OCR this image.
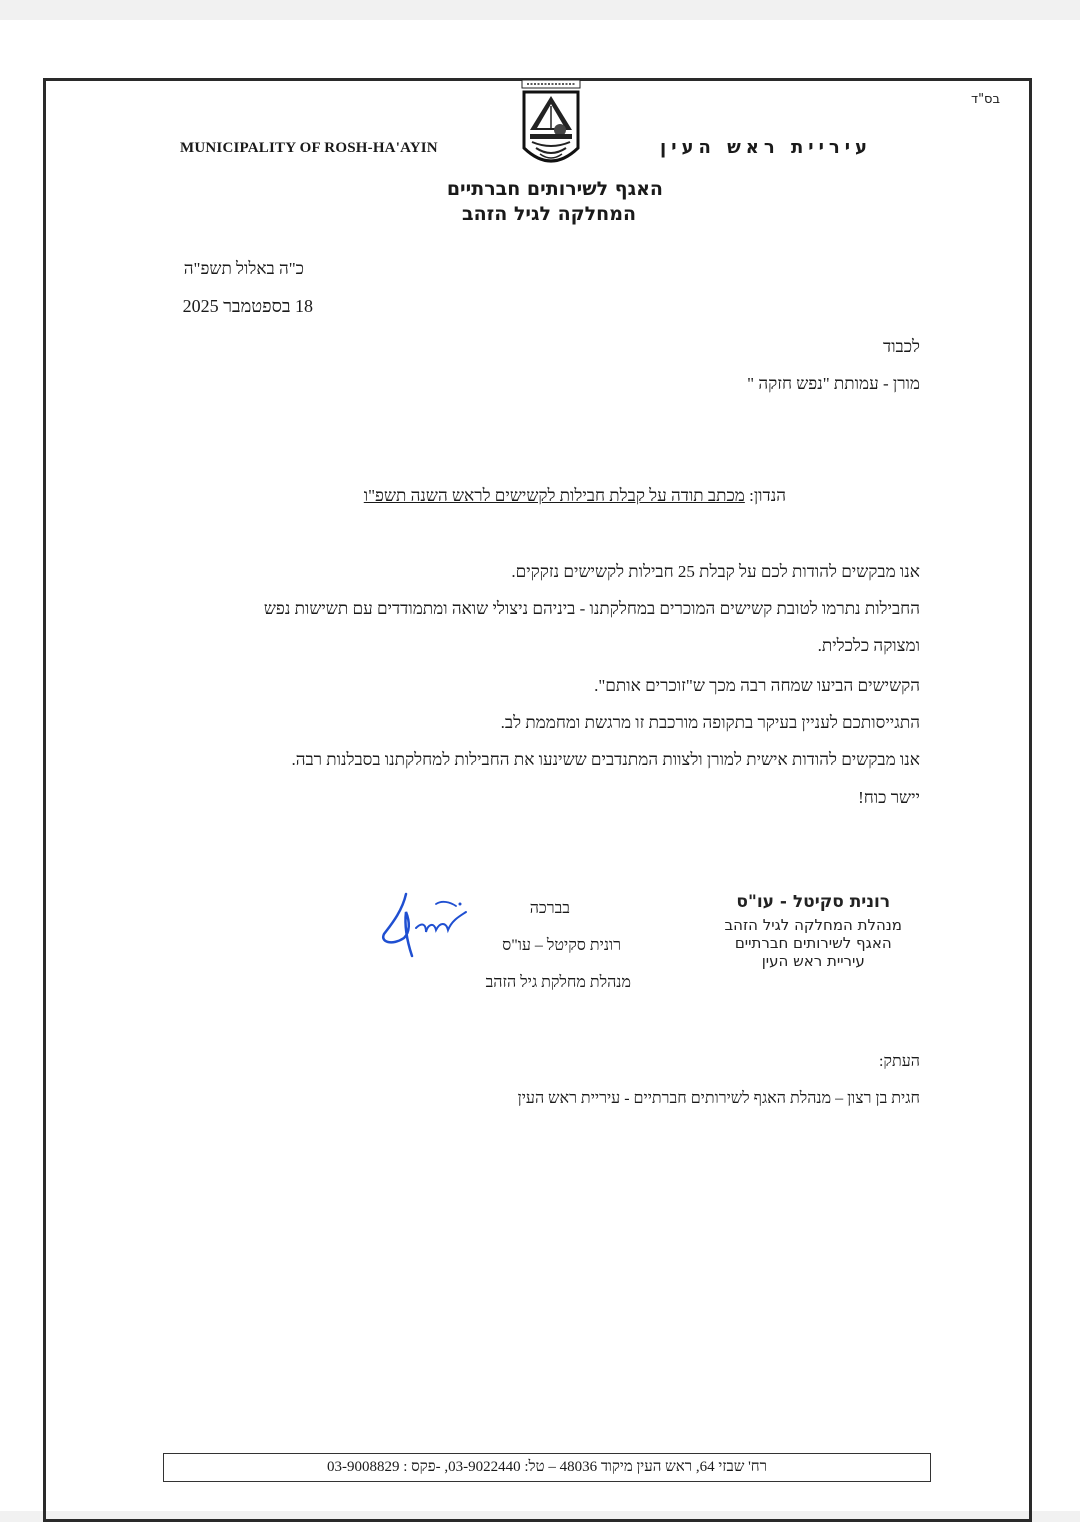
בס"ד
MUNICIPALITY OF ROSH-HA'AYIN	עיריית ראש העין
האגף לשירותים חברתיים
המחלקה לגיל הזהב
כ"ה באלול תשפ"ה
18 בספטמבר 2025
לכבוד
מורן - עמותת "נפש חזקה "
הנדון: מכתב תודה על קבלת חבילות לקשישים לראש השנה תשפ"ו
אנו מבקשים להודות לכם על קבלת 25 חבילות לקשישים נזקקים.
החבילות נתרמו לטובת קשישים המוכרים במחלקתנו - ביניהם ניצולי שואה ומתמודדים עם תשישות נפש
ומצוקה כלכלית.
הקשישים הביעו שמחה רבה מכך ש"זוכרים אותם".
התגייסותכם לעניין בעיקר בתקופה מורכבת זו מרגשת ומחממת לב.
אנו מבקשים להודות אישית למורן ולצוות המתנדבים ששינעו את החבילות למחלקתנו בסבלנות רבה.
יישר כוח!
בברכה
רונית סקיטל – עו"ס
מנהלת מחלקת גיל הזהב
רונית סקיטל - עו"ס
מנהלת המחלקה לגיל הזהב
האגף לשירותים חברתיים
עיריית ראש העין
העתק:
חגית בן רצון – מנהלת האגף לשירותים חברתיים - עיריית ראש העין
רח' שבזי 64, ראש העין מיקוד 48036 – טל: 03-9022440, -פקס : 03-9008829
